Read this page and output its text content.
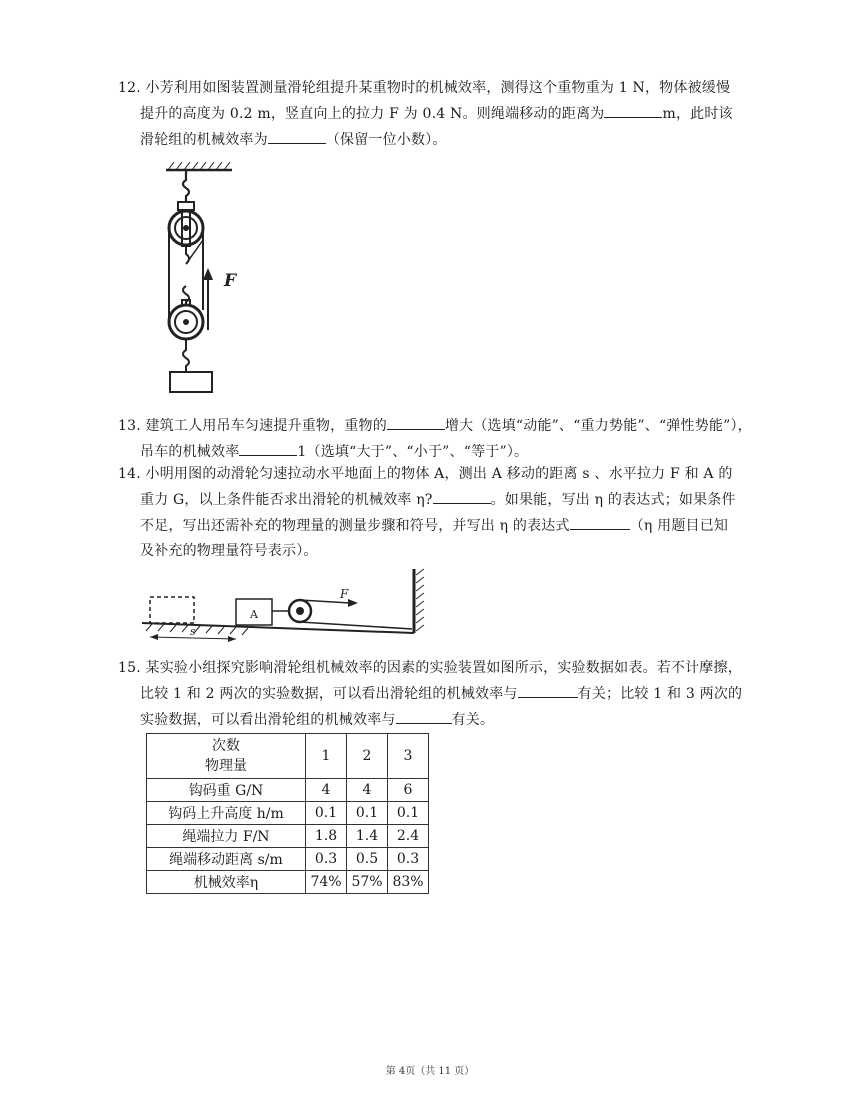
12. 小芳利用如图装置测量滑轮组提升某重物时的机械效率，测得这个重物重为 1 N，物体被缓慢

提升的高度为 0.2 m，竖直向上的拉力 F 为 0.4 N。则绳端移动的距离为	m，此时该

滑轮组的机械效率为	（保留一位小数）。

F

13. 建筑工人用吊车匀速提升重物，重物的	增大（选填“动能”、“重力势能”、“弹性势能”），

吊车的机械效率	1（选填“大于”、“小于”、“等于”）。

14. 小明用图的动滑轮匀速拉动水平地面上的物体 A，测出 A 移动的距离 s 、水平拉力 F 和 A 的

重力 G，以上条件能否求出滑轮的机械效率 η?	。如果能，写出 η 的表达式；如果条件

不足，写出还需补充的物理量的测量步骤和符号，并写出 η 的表达式	（η 用题目已知

及补充的物理量符号表示）。

A
F
s

15. 某实验小组探究影响滑轮组机械效率的因素的实验装置如图所示，实验数据如表。若不计摩擦，

比较 1 和 2 两次的实验数据，可以看出滑轮组的机械效率与	有关；比较 1 和 3 两次的

实验数据，可以看出滑轮组的机械效率与	有关。

次数
物理量	1	2	3
钩码重 G/N	4	4	6
钩码上升高度 h/m	0.1	0.1	0.1
绳端拉力 F/N	1.8	1.4	2.4
绳端移动距离 s/m	0.3	0.5	0.3
机械效率η	74%	57%	83%
第 4页（共 11 页）
